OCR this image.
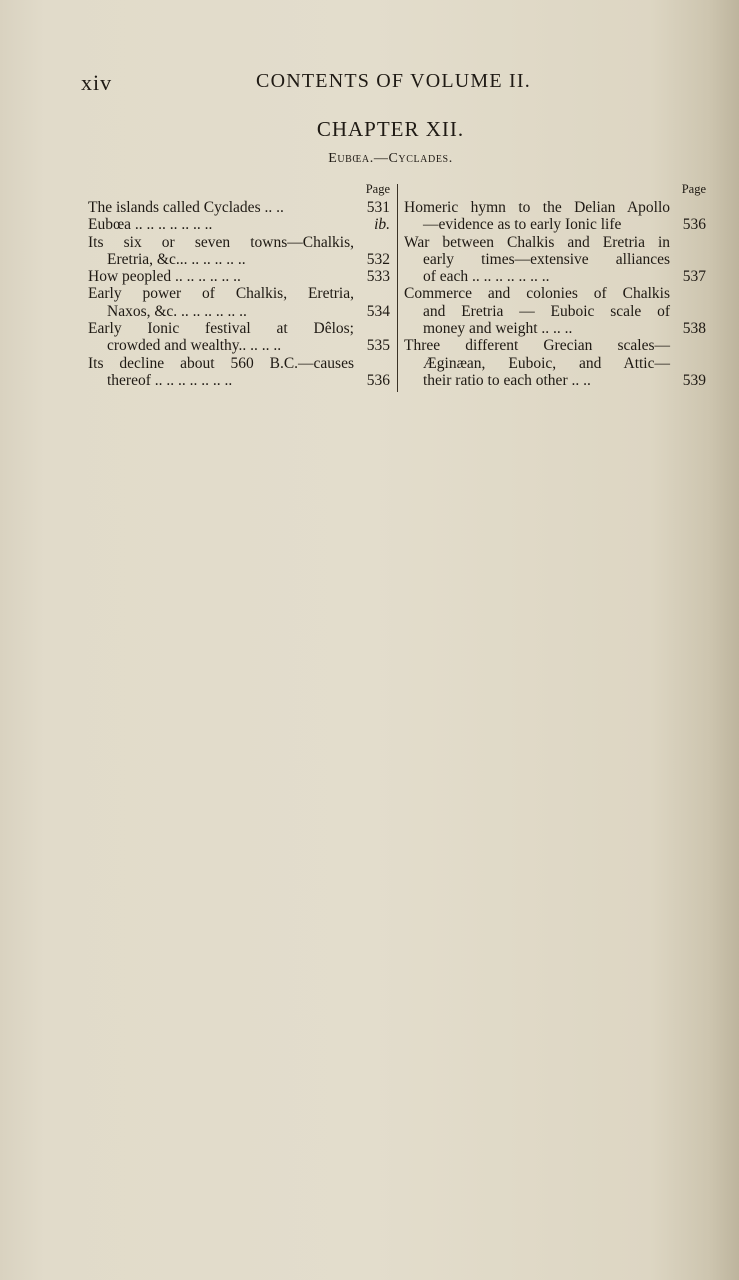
xiv	CONTENTS OF VOLUME II.
CHAPTER XII.
Eubœa.—Cyclades.
Page
The islands called Cyclades .. ..	531
Eubœa .. .. .. .. .. .. ..	ib.
Its six or seven towns—Chalkis,
Eretria, &c... .. .. .. .. ..	532
How peopled .. .. .. .. .. ..	533
Early power of Chalkis, Eretria,
Naxos, &c. .. .. .. .. .. ..	534
Early Ionic festival at Dêlos;
crowded and wealthy.. .. .. ..	535
Its decline about 560 B.C.—causes
thereof .. .. .. .. .. .. ..	536
Page
Homeric hymn to the Delian Apollo
—evidence as to early Ionic life	536
War between Chalkis and Eretria in
early times—extensive alliances
of each .. .. .. .. .. .. ..	537
Commerce and colonies of Chalkis
and Eretria — Euboic scale of
money and weight .. .. ..	538
Three different Grecian scales—
Æginæan, Euboic, and Attic—
their ratio to each other .. ..	539
